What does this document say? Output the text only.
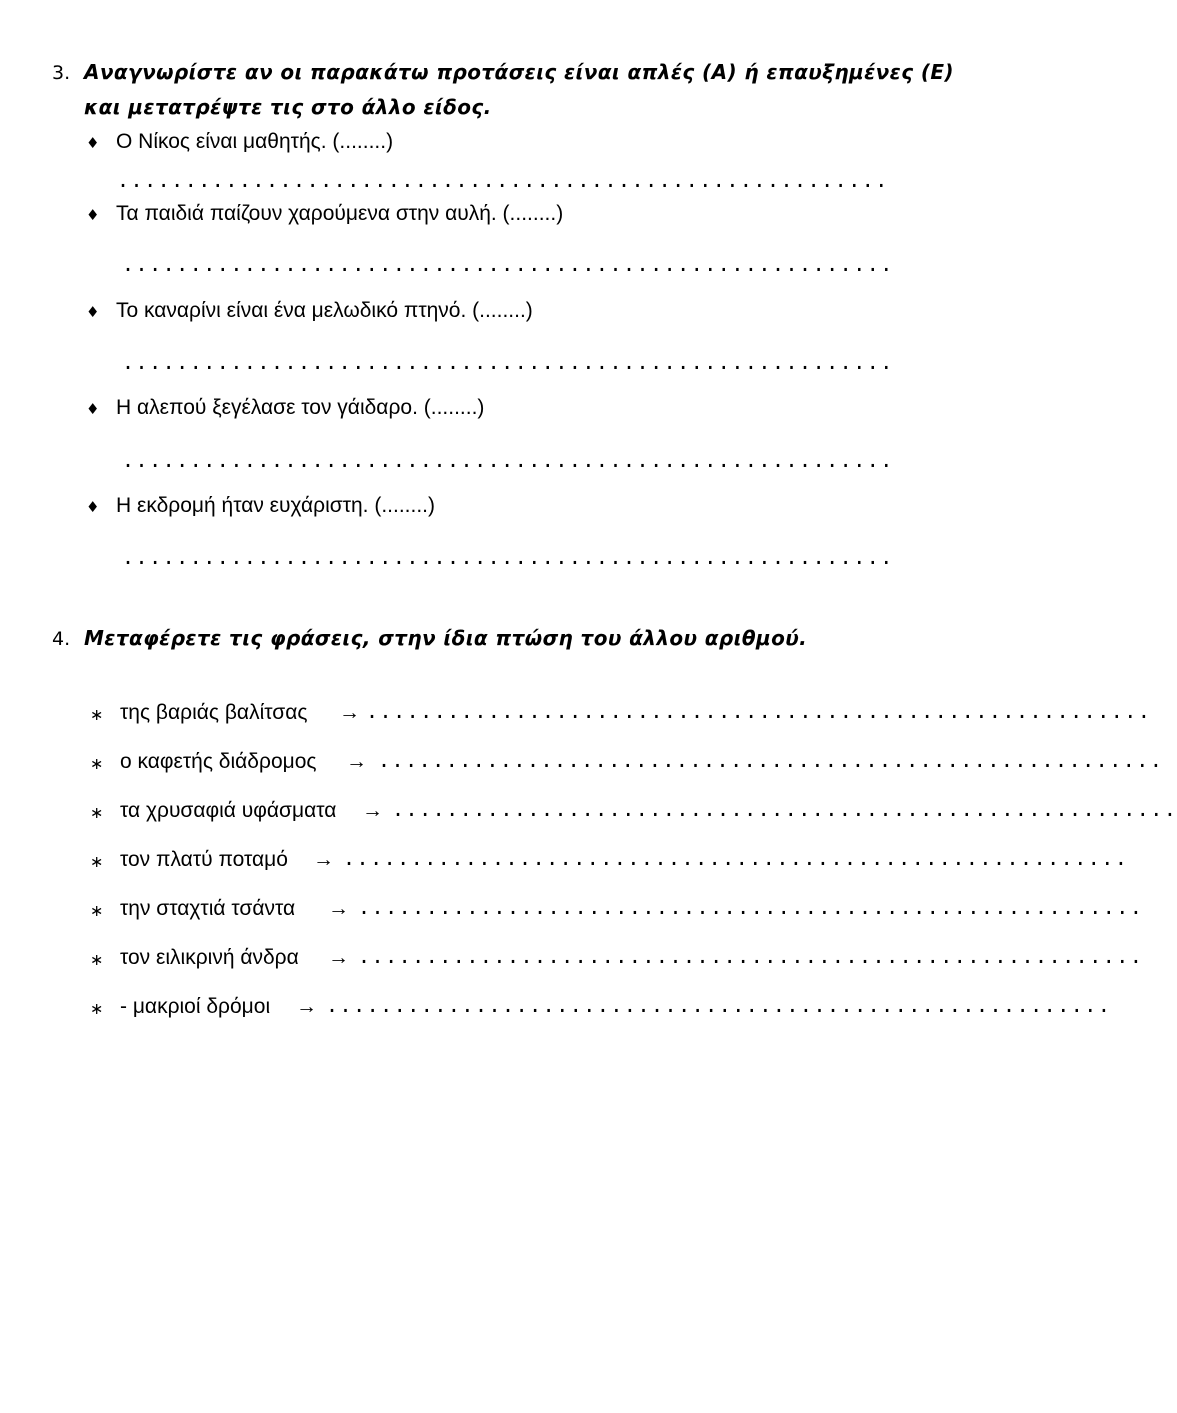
3. Αναγνωρίστε αν οι παρακάτω προτάσεις είναι απλές (Α) ή επαυξημένες (Ε)
και μετατρέψτε τις στο άλλο είδος.
♦ Ο Νίκος είναι μαθητής. (........)
.........................................................
♦ Τα παιδιά παίζουν χαρούμενα στην αυλή. (........)
.........................................................
♦ Το καναρίνι είναι ένα μελωδικό πτηνό. (........)
.........................................................
♦ Η αλεπού ξεγέλασε τον γάιδαρο. (........)
.........................................................
♦ Η εκδρομή ήταν ευχάριστη. (........)
.........................................................
4. Μεταφέρετε τις φράσεις, στην ίδια πτώση του άλλου αριθμού.
∗ της βαριάς βαλίτσας → ..........................................................
∗ ο καφετής διάδρομος → ..........................................................
∗ τα χρυσαφιά υφάσματα → ..........................................................
∗ τον πλατύ ποταμό → ..........................................................
∗ την σταχτιά τσάντα → ..........................................................
∗ τον ειλικρινή άνδρα → ..........................................................
∗ - μακριοί δρόμοι → ..........................................................
